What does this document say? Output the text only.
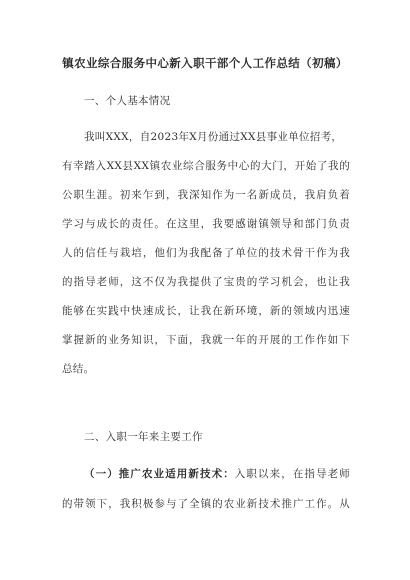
镇农业综合服务中心新入职干部个人工作总结（初稿）
一、个人基本情况
我叫XXX，自2023年X月份通过XX县事业单位招考，
有幸踏入XX县XX镇农业综合服务中心的大门，开始了我的
公职生涯。初来乍到，我深知作为一名新成员，我肩负着
学习与成长的责任。在这里，我要感谢镇领导和部门负责
人的信任与栽培，他们为我配备了单位的技术骨干作为我
的指导老师，这不仅为我提供了宝贵的学习机会，也让我
能够在实践中快速成长，让我在新环境，新的领域内迅速
掌握新的业务知识，下面，我就一年的开展的工作作如下
总结。
二、入职一年来主要工作
（一）推广农业适用新技术：入职以来，在指导老师
的带领下，我积极参与了全镇的农业新技术推广工作。从
